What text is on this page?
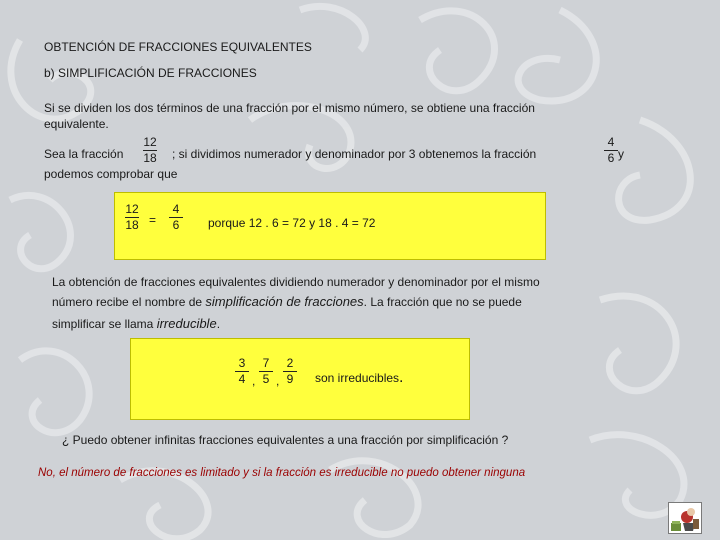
OBTENCIÓN DE FRACCIONES EQUIVALENTES
b) SIMPLIFICACIÓN DE FRACCIONES
Si se dividen los dos términos de una fracción por el mismo número, se obtiene una fracción
equivalente.
Sea la fracción
12
18 ; si dividimos numerador y denominador por 3 obtenemos la fracción
4
6 y
podemos comprobar que
12
18 =
4
6 porque 12 . 6 = 72 y 18 . 4 = 72
La obtención de fracciones equivalentes dividiendo numerador y denominador por el mismo
número recibe el nombre de simplificación de fracciones. La fracción que no se puede
simplificar se llama irreducible.
3
4 ,
7
5 ,
2
9 son irreducibles.
¿ Puedo obtener infinitas fracciones equivalentes a una fracción por simplificación ?
No, el número de fracciones es limitado y si la fracción es irreducible no puedo obtener ninguna
